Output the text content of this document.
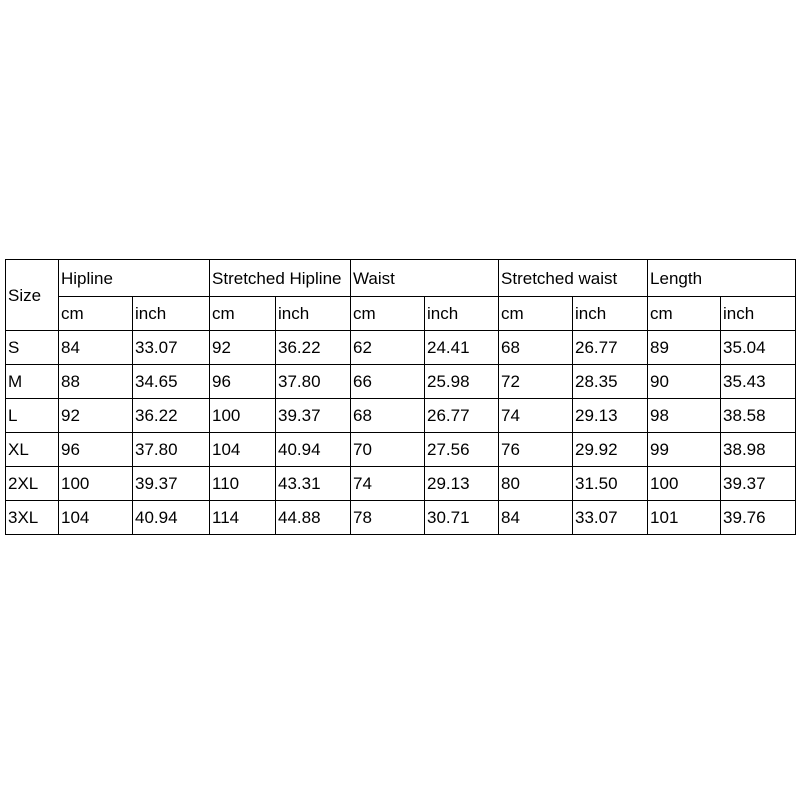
Size	Hipline		Stretched Hipline		Waist		Stretched waist		Length	
	cm	inch	cm	inch	cm	inch	cm	inch	cm	inch
S	84	33.07	92	36.22	62	24.41	68	26.77	89	35.04
M	88	34.65	96	37.80	66	25.98	72	28.35	90	35.43
L	92	36.22	100	39.37	68	26.77	74	29.13	98	38.58
XL	96	37.80	104	40.94	70	27.56	76	29.92	99	38.98
2XL	100	39.37	110	43.31	74	29.13	80	31.50	100	39.37
3XL	104	40.94	114	44.88	78	30.71	84	33.07	101	39.76
